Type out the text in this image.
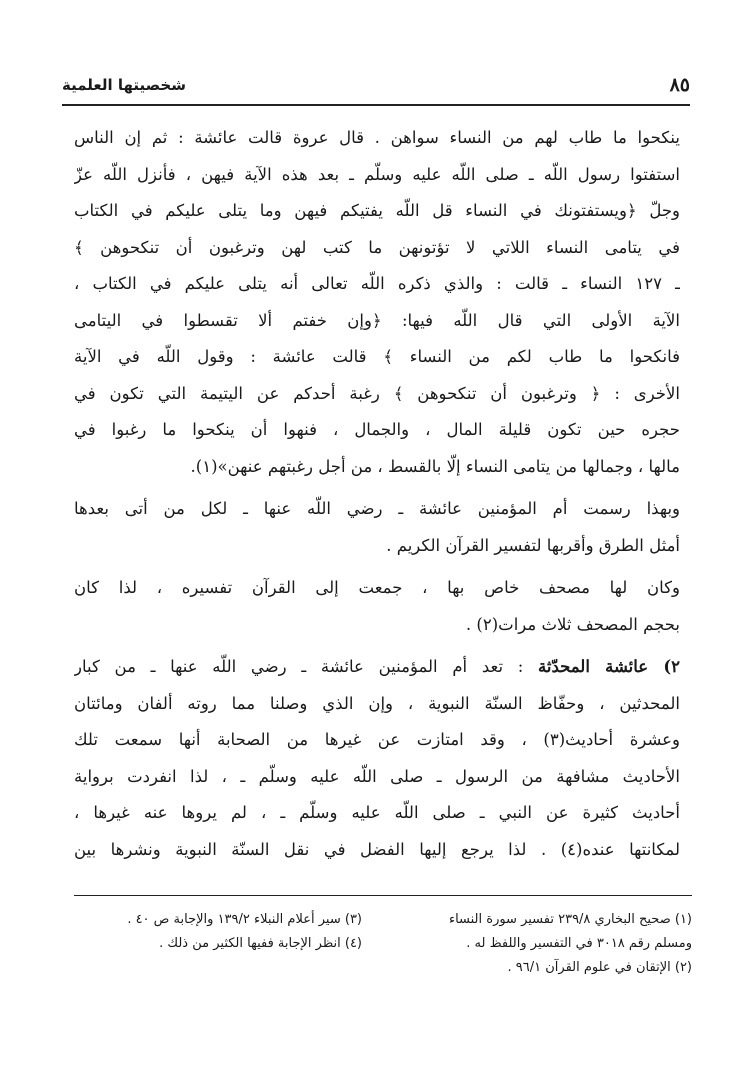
٨٥
شخصيتها العلمية
ينكحوا ما طاب لهم من النساء سواهن . قال عروة قالت عائشة : ثم إن الناس
استفتوا رسول اللّه ـ صلى اللّه عليه وسلّم ـ بعد هذه الآية فيهن ، فأنزل اللّه عزّ
وجلّ ﴿ويستفتونك في النساء قل اللّه يفتيكم فيهن وما يتلى عليكم في الكتاب
في يتامى النساء اللاتي لا تؤتونهن ما كتب لهن وترغبون أن تنكحوهن ﴾
ـ ١٢٧ النساء ـ قالت : والذي ذكره اللّه تعالى أنه يتلى عليكم في الكتاب ،
الآية الأولى التي قال اللّه فيها: ﴿وإن خفتم ألا تقسطوا في اليتامى
فانكحوا ما طاب لكم من النساء ﴾ قالت عائشة : وقول اللّه في الآية
الأخرى : ﴿ وترغبون أن تنكحوهن ﴾ رغبة أحدكم عن اليتيمة التي تكون في
حجره حين تكون قليلة المال ، والجمال ، فنهوا أن ينكحوا ما رغبوا في
مالها ، وجمالها من يتامى النساء إلّا بالقسط ، من أجل رغبتهم عنهن»(١).
وبهذا رسمت أم المؤمنين عائشة ـ رضي اللّه عنها ـ لكل من أتى بعدها
أمثل الطرق وأقربها لتفسير القرآن الكريم .
وكان لها مصحف خاص بها ، جمعت إلى القرآن تفسيره ، لذا كان
بحجم المصحف ثلاث مرات(٢) .
٢) عائشة المحدّثة : تعد أم المؤمنين عائشة ـ رضي اللّه عنها ـ من كبار
المحدثين ، وحفّاظ السنّة النبوية ، وإن الذي وصلنا مما روته ألفان ومائتان
وعشرة أحاديث(٣) ، وقد امتازت عن غيرها من الصحابة أنها سمعت تلك
الأحاديث مشافهة من الرسول ـ صلى اللّه عليه وسلّم ـ ، لذا انفردت برواية
أحاديث كثيرة عن النبي ـ صلى اللّه عليه وسلّم ـ ، لم يروها عنه غيرها ،
لمكانتها عنده(٤) . لذا يرجع إليها الفضل في نقل السنّة النبوية ونشرها بين
(١) صحيح البخاري ٢٣٩/٨ تفسير سورة النساء
ومسلم رقم ٣٠١٨ في التفسير واللفظ له .
(٢) الإتقان في علوم القرآن ٩٦/١ .
(٣) سير أعلام النبلاء ١٣٩/٢ والإجابة ص ٤٠ .
(٤) انظر الإجابة ففيها الكثير من ذلك .
